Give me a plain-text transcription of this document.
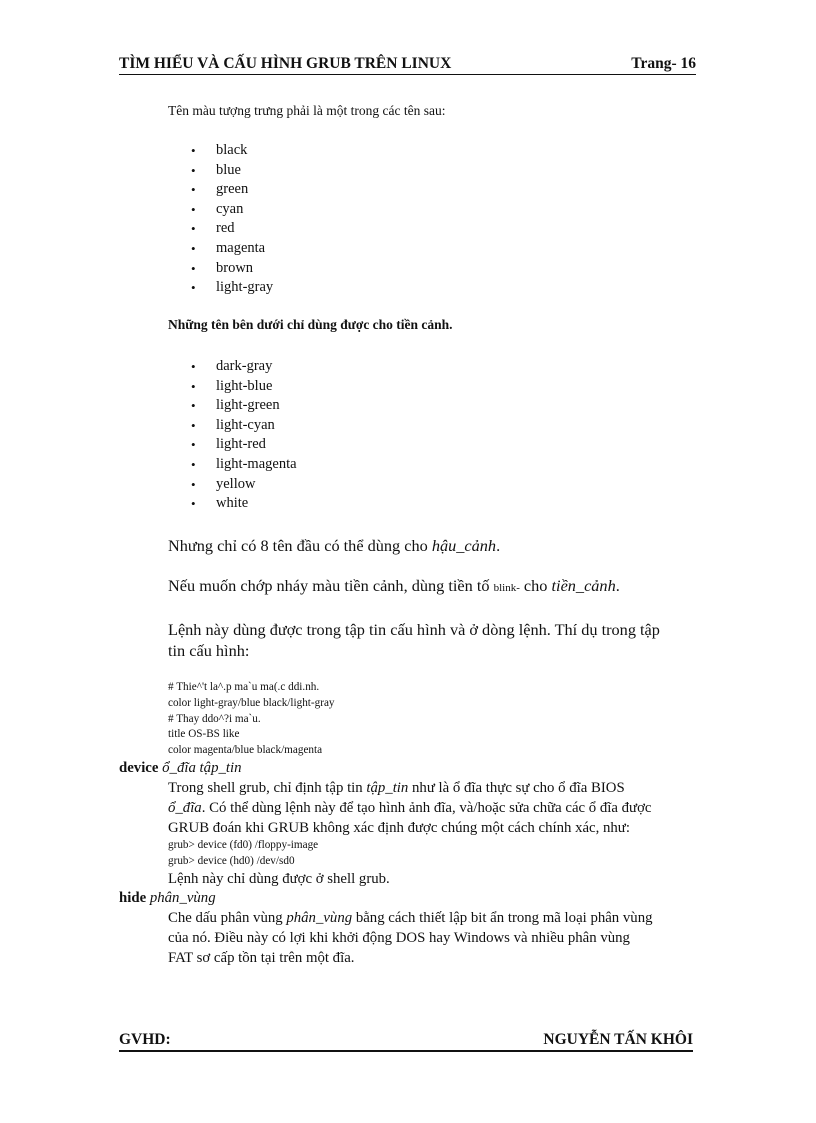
TÌM HIỂU VÀ CẤU HÌNH GRUB TRÊN LINUX	Trang- 16
Tên màu tượng trưng phải là một trong các tên sau:
• black
• blue
• green
• cyan
• red
• magenta
• brown
• light-gray
Những tên bên dưới chỉ dùng được cho tiền cảnh.
• dark-gray
• light-blue
• light-green
• light-cyan
• light-red
• light-magenta
• yellow
• white
Nhưng chỉ có 8 tên đầu có thể dùng cho hậu_cảnh.
Nếu muốn chớp nháy màu tiền cảnh, dùng tiền tố blink- cho tiền_cảnh.
Lệnh này dùng được trong tập tin cấu hình và ở dòng lệnh. Thí dụ trong tập
tin cấu hình:
# Thie^'t la^.p ma`u ma(.c ddi.nh.
color light-gray/blue black/light-gray
# Thay ddo^?i ma`u.
title OS-BS like
color magenta/blue black/magenta
device ổ_đĩa tập_tin
Trong shell grub, chỉ định tập tin tập_tin như là ổ đĩa thực sự cho ổ đĩa BIOS
ổ_đĩa. Có thể dùng lệnh này để tạo hình ảnh đĩa, và/hoặc sửa chữa các ổ đĩa được
GRUB đoán khi GRUB không xác định được chúng một cách chính xác, như:
grub> device (fd0) /floppy-image
grub> device (hd0) /dev/sd0
Lệnh này chỉ dùng được ở shell grub.
hide phân_vùng
Che dấu phân vùng phân_vùng bằng cách thiết lập bit ẩn trong mã loại phân vùng
của nó. Điều này có lợi khi khởi động DOS hay Windows và nhiều phân vùng
FAT sơ cấp tồn tại trên một đĩa.
GVHD:	NGUYỄN TẤN KHÔI
